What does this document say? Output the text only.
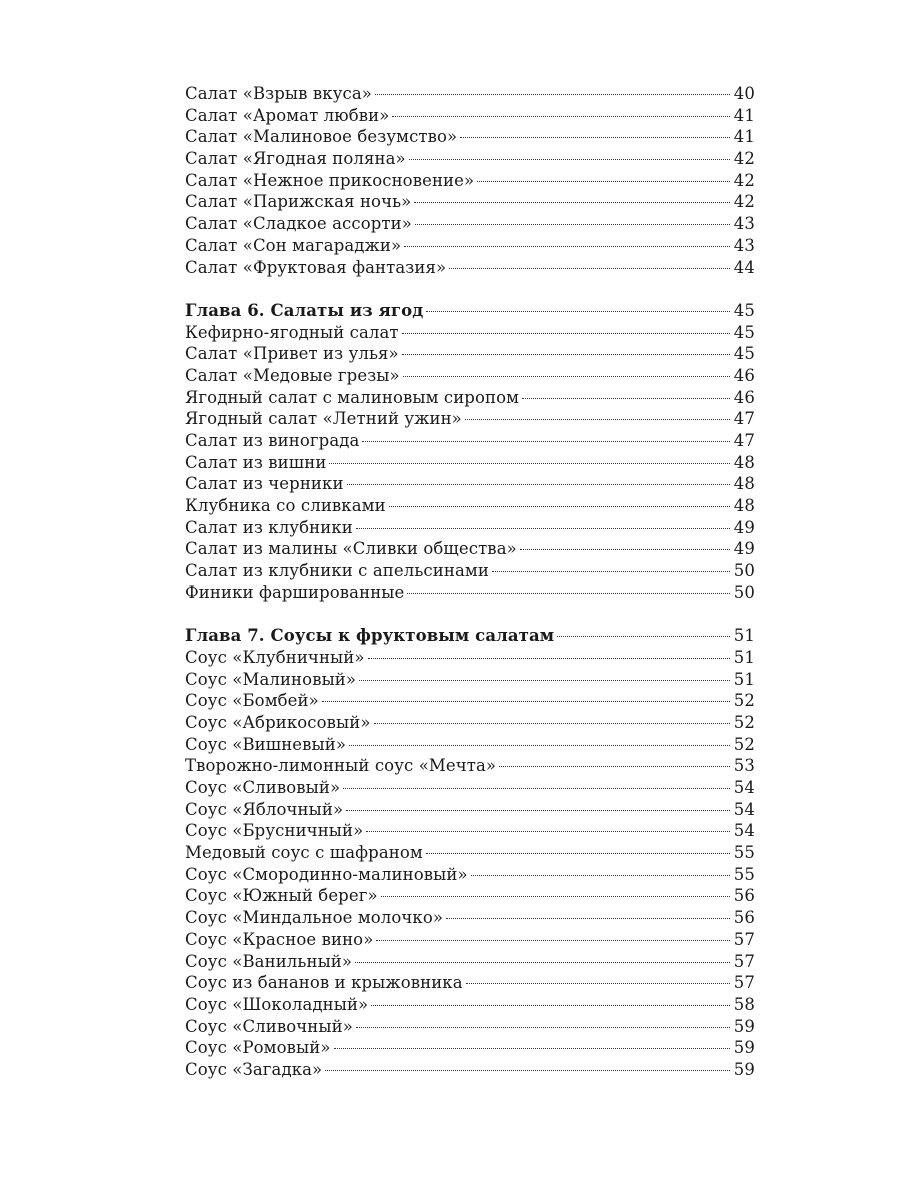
Салат «Взрыв вкуса»	40
Салат «Аромат любви»	41
Салат «Малиновое безумство»	41
Салат «Ягодная поляна»	42
Салат «Нежное прикосновение»	42
Салат «Парижская ночь»	42
Салат «Сладкое ассорти»	43
Салат «Сон магараджи»	43
Салат «Фруктовая фантазия»	44
Глава 6. Салаты из ягод	45
Кефирно-ягодный салат	45
Салат «Привет из улья»	45
Салат «Медовые грезы»	46
Ягодный салат с малиновым сиропом	46
Ягодный салат «Летний ужин»	47
Салат из винограда	47
Салат из вишни	48
Салат из черники	48
Клубника со сливками	48
Салат из клубники	49
Салат из малины «Сливки общества»	49
Салат из клубники с апельсинами	50
Финики фаршированные	50
Глава 7. Соусы к фруктовым салатам	51
Соус «Клубничный»	51
Соус «Малиновый»	51
Соус «Бомбей»	52
Соус «Абрикосовый»	52
Соус «Вишневый»	52
Творожно-лимонный соус «Мечта»	53
Соус «Сливовый»	54
Соус «Яблочный»	54
Соус «Брусничный»	54
Медовый соус с шафраном	55
Соус «Смородинно-малиновый»	55
Соус «Южный берег»	56
Соус «Миндальное молочко»	56
Соус «Красное вино»	57
Соус «Ванильный»	57
Соус из бананов и крыжовника	57
Соус «Шоколадный»	58
Соус «Сливочный»	59
Соус «Ромовый»	59
Соус «Загадка»	59
